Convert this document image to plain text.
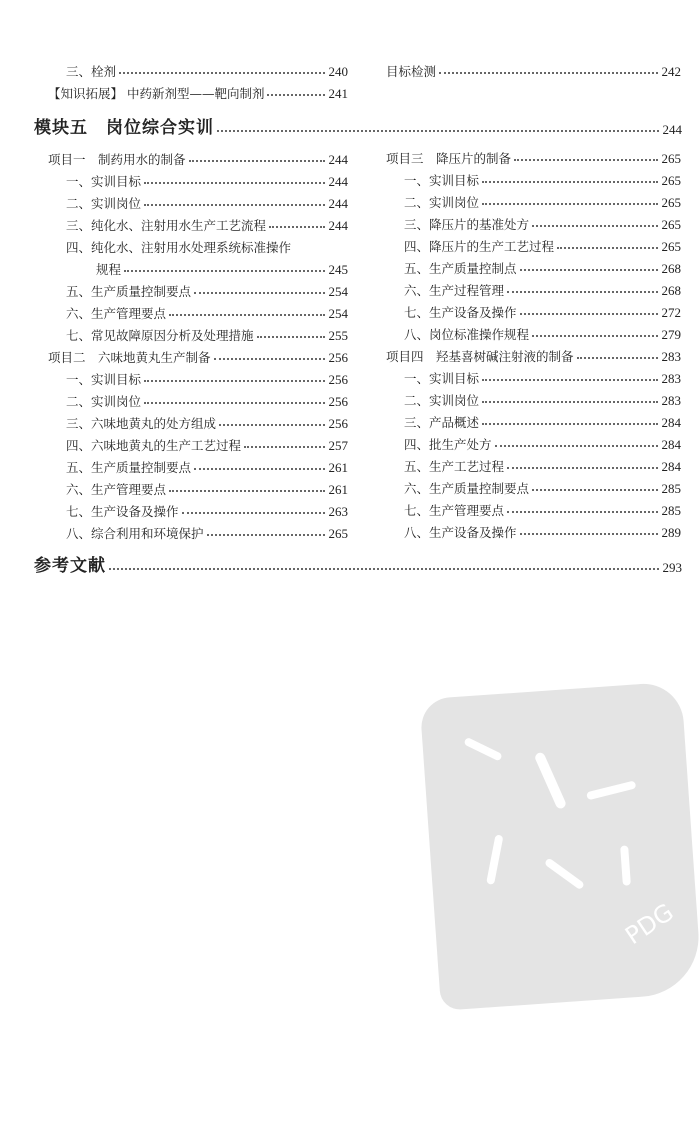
三、栓剂	240
【知识拓展】 中药新剂型——靶向制剂	241
目标检测	242
模块五　岗位综合实训	244
项目一　制药用水的制备	244
一、实训目标	244
二、实训岗位	244
三、纯化水、注射用水生产工艺流程	244
四、纯化水、注射用水处理系统标准操作
规程	245
五、生产质量控制要点	254
六、生产管理要点	254
七、常见故障原因分析及处理措施	255
项目二　六味地黄丸生产制备	256
一、实训目标	256
二、实训岗位	256
三、六味地黄丸的处方组成	256
四、六味地黄丸的生产工艺过程	257
五、生产质量控制要点	261
六、生产管理要点	261
七、生产设备及操作	263
八、综合利用和环境保护	265
项目三　降压片的制备	265
一、实训目标	265
二、实训岗位	265
三、降压片的基准处方	265
四、降压片的生产工艺过程	265
五、生产质量控制点	268
六、生产过程管理	268
七、生产设备及操作	272
八、岗位标准操作规程	279
项目四　羟基喜树碱注射液的制备	283
一、实训目标	283
二、实训岗位	283
三、产品概述	284
四、批生产处方	284
五、生产工艺过程	284
六、生产质量控制要点	285
七、生产管理要点	285
八、生产设备及操作	289
参考文献	293
PDG
